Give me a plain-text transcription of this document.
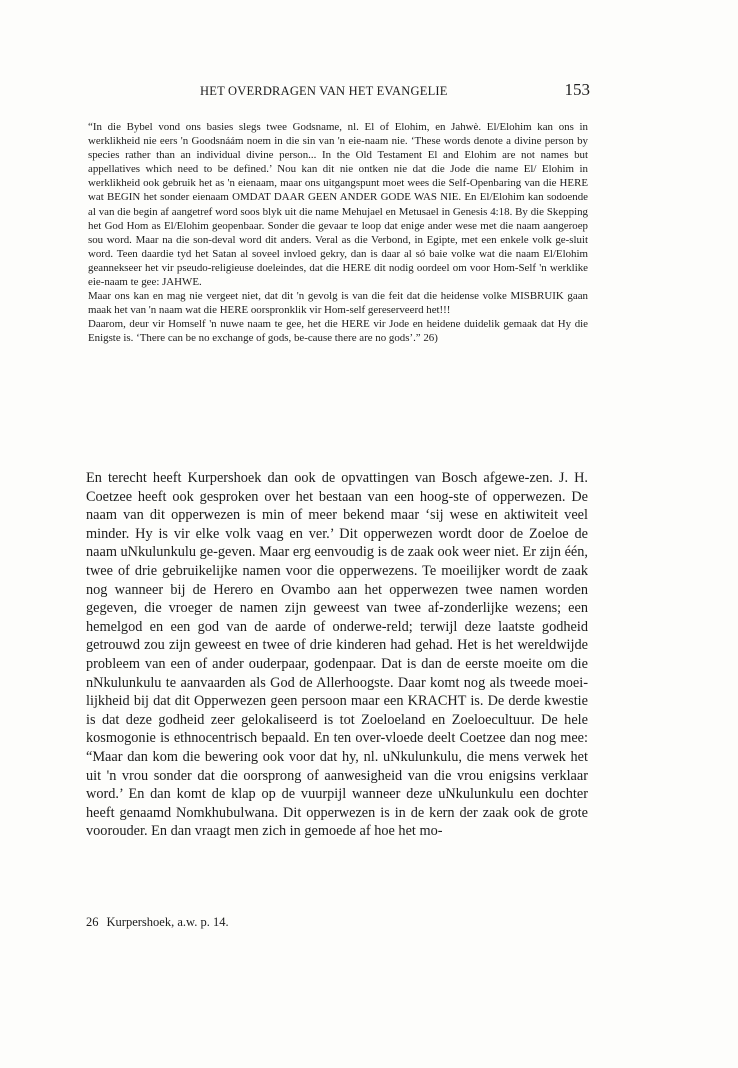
HET OVERDRAGEN VAN HET EVANGELIE	153

“In die Bybel vond ons basies slegs twee Godsname, nl. El of Elohim, en Jahwè. El/Elohim kan ons in werklikheid nie eers 'n Goodsnáám noem in die sin van 'n eie-naam nie. ‘These words denote a divine person by species rather than an individual divine person... In the Old Testament El and Elohim are not names but appellatives which need to be defined.’ Nou kan dit nie ontken nie dat die Jode die name El/ Elohim in werklikheid ook gebruik het as 'n eienaam, maar ons uitgangspunt moet wees die Self-Openbaring van die HERE wat BEGIN het sonder eienaam OMDAT DAAR GEEN ANDER GODE WAS NIE. En El/Elohim kan sodoende al van die begin af aangetref word soos blyk uit die name Mehujael en Metusael in Genesis 4:18. By die Skepping het God Hom as El/Elohim geopenbaar. Sonder die gevaar te loop dat enige ander wese met die naam aangeroep sou word. Maar na die son-deval word dit anders. Veral as die Verbond, in Egipte, met een enkele volk ge-sluit word. Teen daardie tyd het Satan al soveel invloed gekry, dan is daar al só baie volke wat die naam El/Elohim geannekseer het vir pseudo-religieuse doeleindes, dat die HERE dit nodig oordeel om voor Hom-Self 'n werklike eie-naam te gee: JAHWE.

Maar ons kan en mag nie vergeet niet, dat dit 'n gevolg is van die feit dat die heidense volke MISBRUIK gaan maak het van 'n naam wat die HERE oorspronklik vir Hom-self gereserveerd het!!!

Daarom, deur vir Homself 'n nuwe naam te gee, het die HERE vir Jode en heidene duidelik gemaak dat Hy die Enigste is. ‘There can be no exchange of gods, be-cause there are no gods’.” 26)

En terecht heeft Kurpershoek dan ook de opvattingen van Bosch afgewe-zen. J. H. Coetzee heeft ook gesproken over het bestaan van een hoog-ste of opperwezen. De naam van dit opperwezen is min of meer bekend maar ‘sij wese en aktiwiteit veel minder. Hy is vir elke volk vaag en ver.’ Dit opperwezen wordt door de Zoeloe de naam uNkulunkulu ge-geven. Maar erg eenvoudig is de zaak ook weer niet. Er zijn één, twee of drie gebruikelijke namen voor die opperwezens. Te moeilijker wordt de zaak nog wanneer bij de Herero en Ovambo aan het opperwezen twee namen worden gegeven, die vroeger de namen zijn geweest van twee af-zonderlijke wezens; een hemelgod en een god van de aarde of onderwe-reld; terwijl deze laatste godheid getrouwd zou zijn geweest en twee of drie kinderen had gehad. Het is het wereldwijde probleem van een of ander ouderpaar, godenpaar. Dat is dan de eerste moeite om die nNkulunkulu te aanvaarden als God de Allerhoogste. Daar komt nog als tweede moei-lijkheid bij dat dit Opperwezen geen persoon maar een KRACHT is. De derde kwestie is dat deze godheid zeer gelokaliseerd is tot Zoeloeland en Zoeloecultuur. De hele kosmogonie is ethnocentrisch bepaald. En ten over-vloede deelt Coetzee dan nog mee: “Maar dan kom die bewering ook voor dat hy, nl. uNkulunkulu, die mens verwek het uit 'n vrou sonder dat die oorsprong of aanwesigheid van die vrou enigsins verklaar word.’ En dan komt de klap op de vuurpijl wanneer deze uNkulunkulu een dochter heeft genaamd Nomkhubulwana. Dit opperwezen is in de kern der zaak ook de grote voorouder. En dan vraagt men zich in gemoede af hoe het mo-

26 Kurpershoek, a.w. p. 14.
